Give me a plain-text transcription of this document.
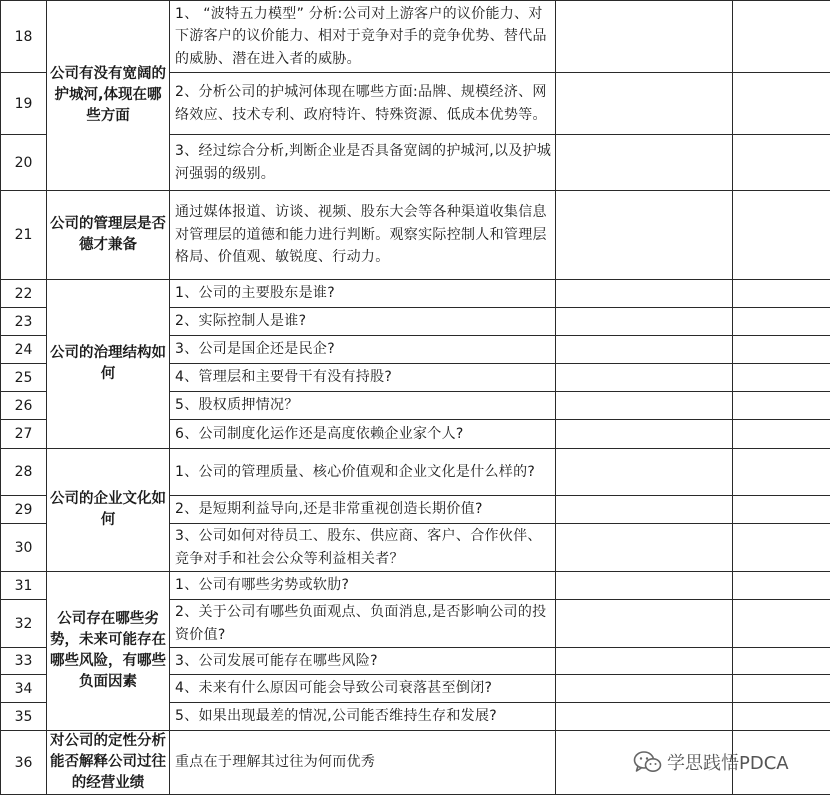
18	公司有没有宽阔的护城河,体现在哪些方面	1、 “波特五力模型” 分析:公司对上游客户的议价能力、对下游客户的议价能力、相对于竞争对手的竞争优势、替代品的威胁、潜在进入者的威胁。		
19		2、分析公司的护城河体现在哪些方面:品牌、规模经济、网络效应、技术专利、政府特许、特殊资源、低成本优势等。		
20		3、经过综合分析,判断企业是否具备宽阔的护城河,以及护城河强弱的级别。		
21	公司的管理层是否德才兼备	通过媒体报道、访谈、视频、股东大会等各种渠道收集信息对管理层的道德和能力进行判断。观察实际控制人和管理层格局、价值观、敏锐度、行动力。		
22	公司的治理结构如何	1、公司的主要股东是谁?		
23		2、实际控制人是谁?		
24		3、公司是国企还是民企?		
25		4、管理层和主要骨干有没有持股?		
26		5、股权质押情况？		
27		6、公司制度化运作还是高度依赖企业家个人?		
28	公司的企业文化如何	1、公司的管理质量、核心价值观和企业文化是什么样的?		
29		2、是短期利益导向,还是非常重视创造长期价值?		
30		3、公司如何对待员工、股东、供应商、客户、合作伙伴、竞争对手和社会公众等利益相关者？		
31	公司存在哪些劣势，未来可能存在哪些风险，有哪些负面因素	1、公司有哪些劣势或软肋?		
32		2、关于公司有哪些负面观点、负面消息,是否影响公司的投资价值?		
33		3、公司发展可能存在哪些风险?		
34		4、未来有什么原因可能会导致公司衰落甚至倒闭?		
35		5、如果出现最差的情况,公司能否维持生存和发展?		
36	对公司的定性分析能否解释公司过往的经营业绩	重点在于理解其过往为何而优秀			学思践悟PDCA
